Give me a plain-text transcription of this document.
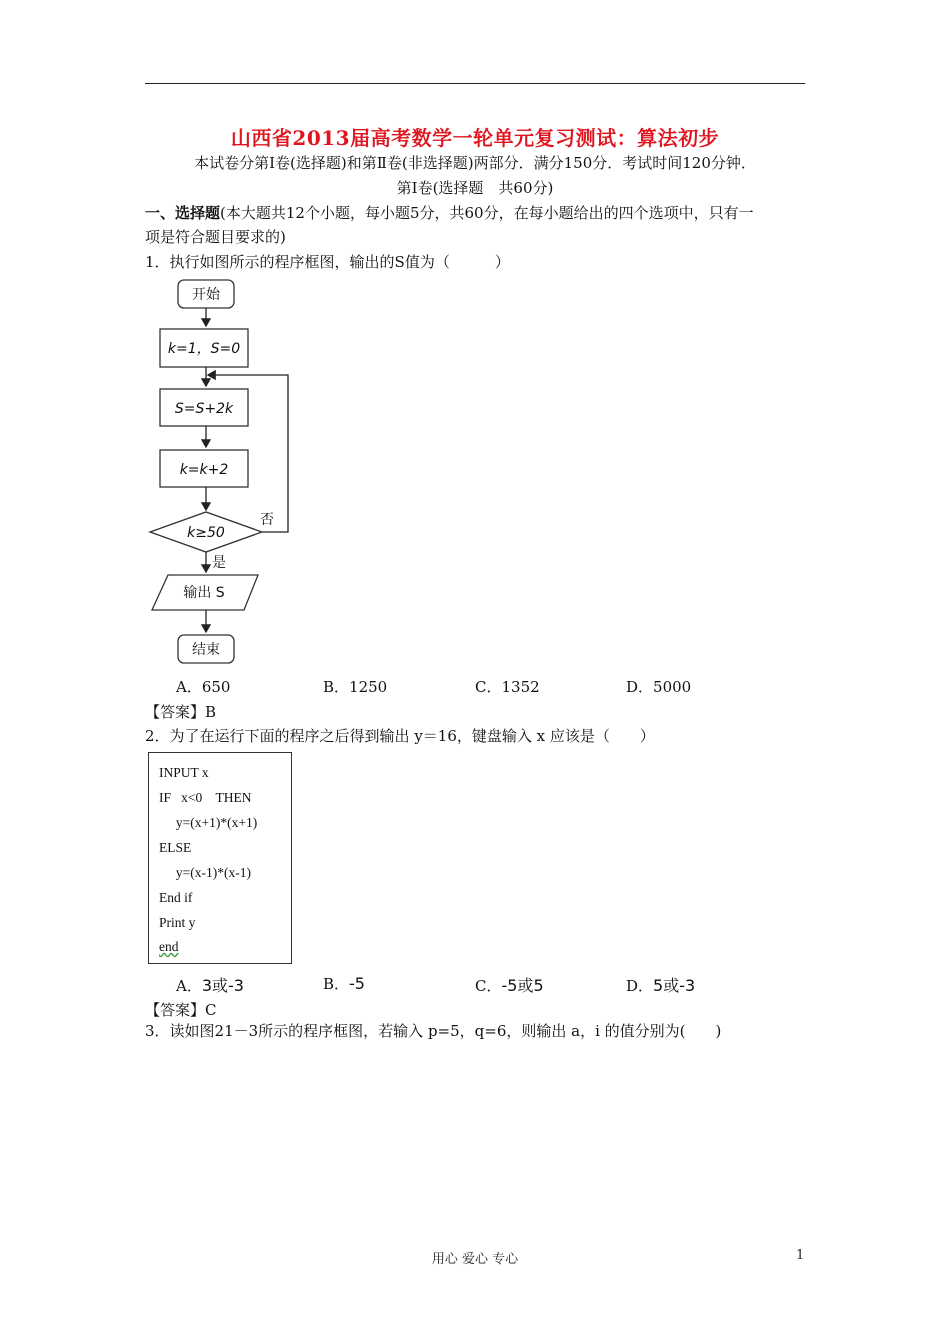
山西省2013届高考数学一轮单元复习测试：算法初步
本试卷分第Ⅰ卷(选择题)和第Ⅱ卷(非选择题)两部分．满分150分．考试时间120分钟．
第Ⅰ卷(选择题　共60分)
一、选择题(本大题共12个小题，每小题5分，共60分，在每小题给出的四个选项中，只有一
项是符合题目要求的)
1．执行如图所示的程序框图，输出的S值为（　　　）
开始
k=1，S=0
S=S+2k
k=k+2
k≥50
否
是
输出 S
结束
A．650	B．1250	C．1352	D．5000
【答案】B
2．为了在运行下面的程序之后得到输出 y＝16，键盘输入 x 应该是（　　）
INPUT x
IF   x<0    THEN
y=(x+1)*(x+1)
ELSE
y=(x-1)*(x-1)
End if
Print y
end
A．3或-3	B．-5	C．-5或5	D．5或-3
【答案】C
3．读如图21－3所示的程序框图，若输入 p=5，q=6，则输出 a，i 的值分别为(　　)
用心 爱心 专心	1
